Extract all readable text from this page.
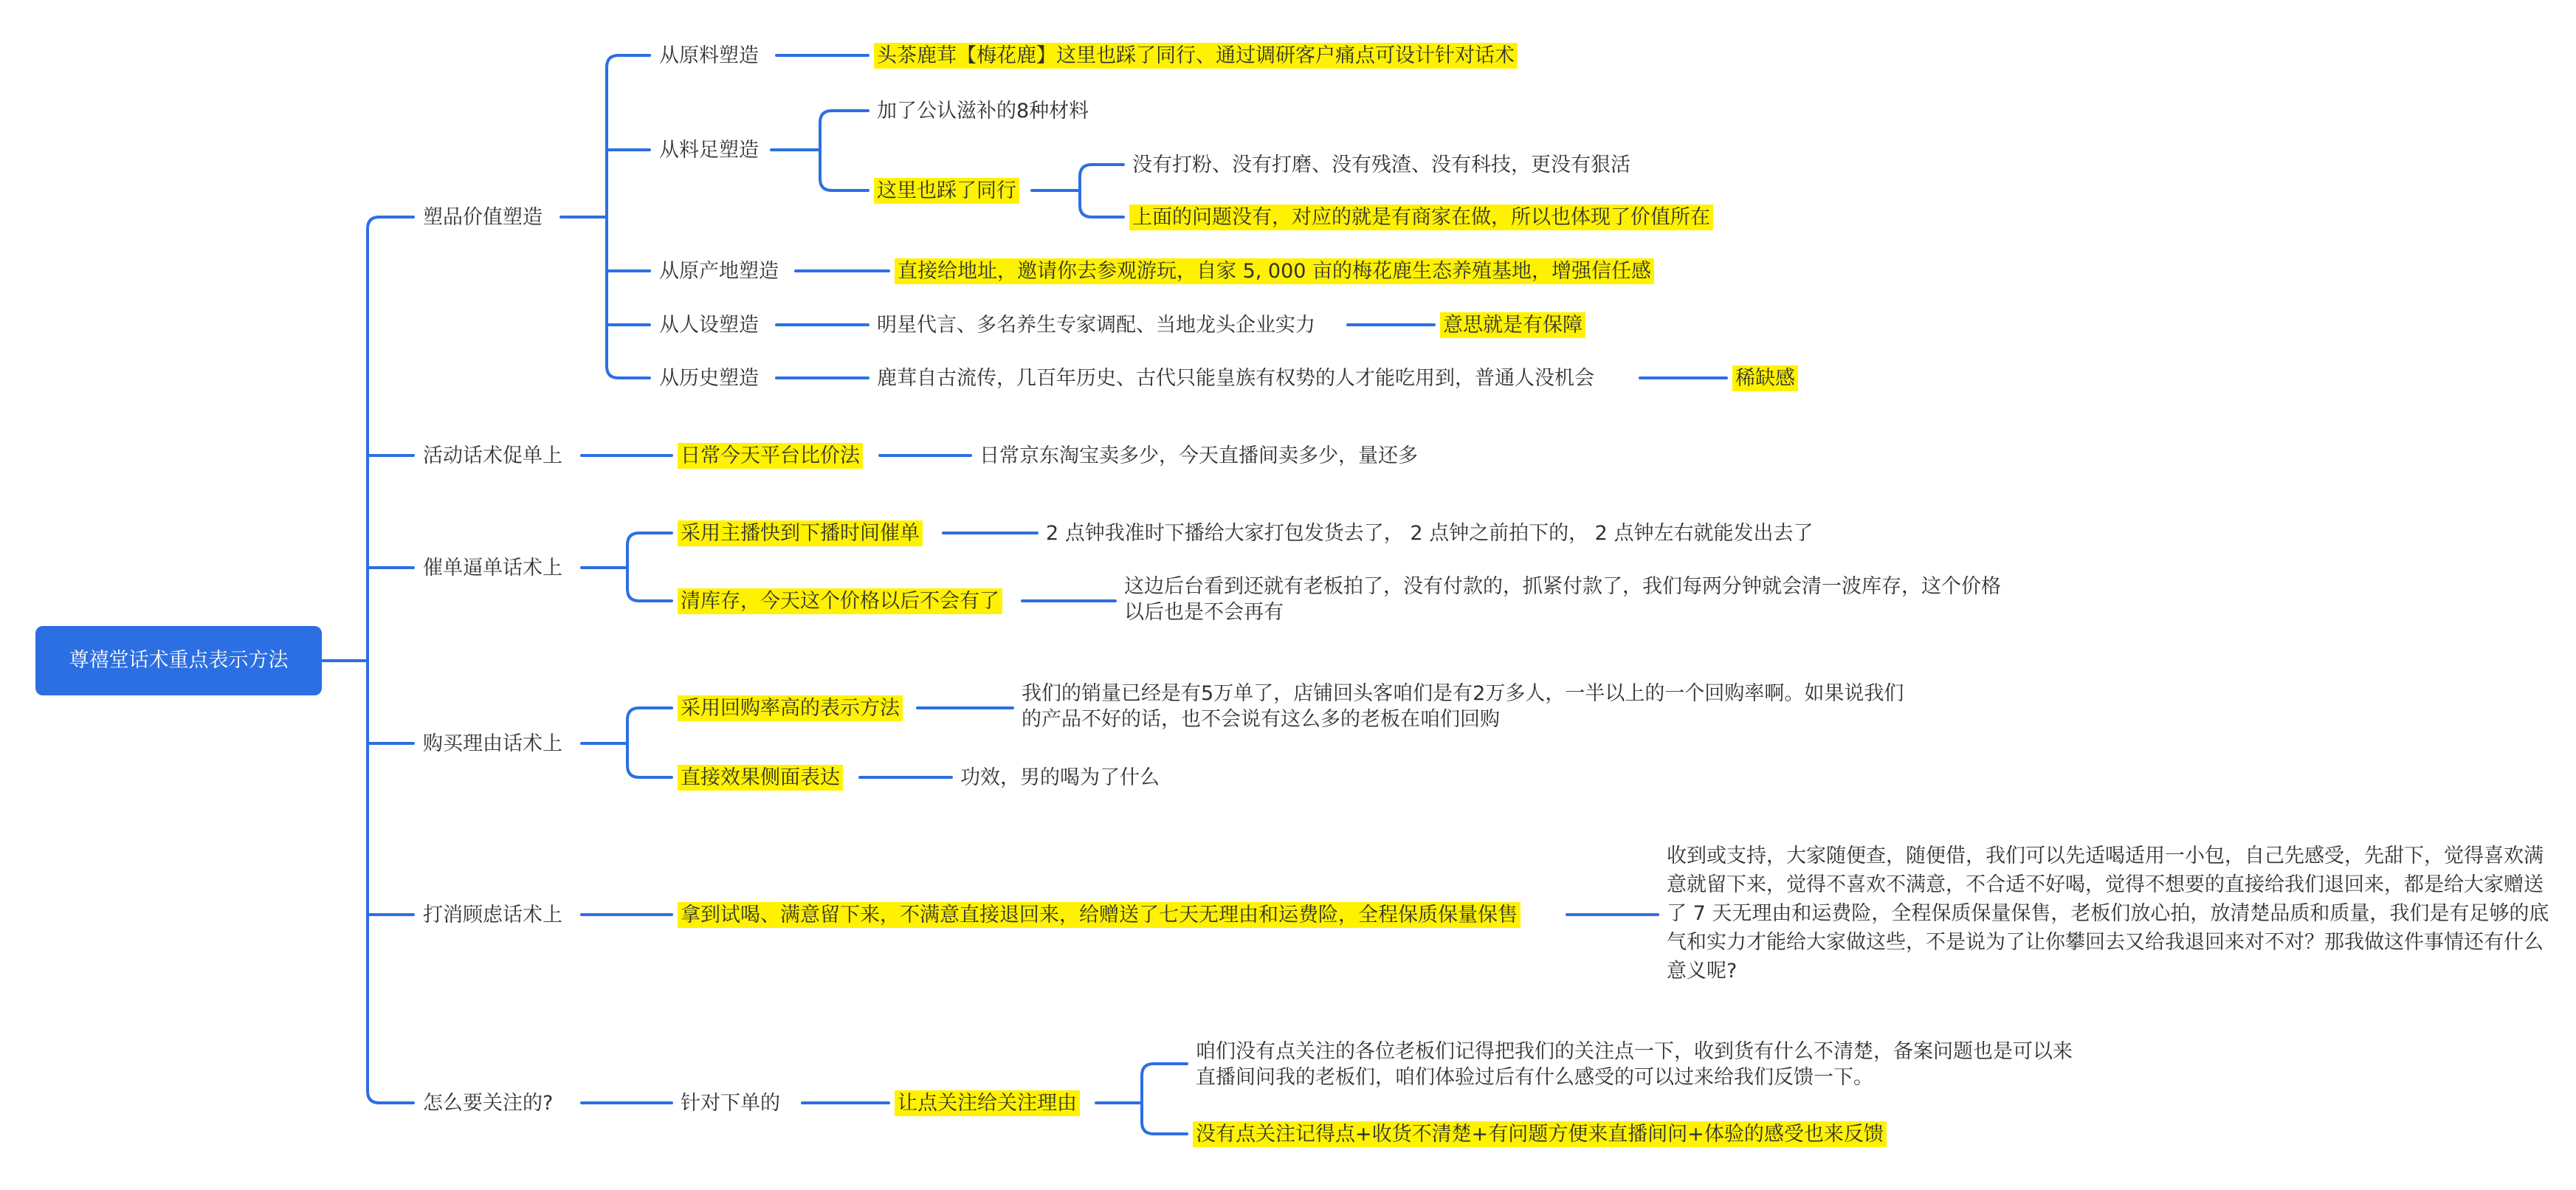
尊禧堂话术重点表示方法
塑品价值塑造
活动话术促单上
催单逼单话术上
购买理由话术上
打消顾虑话术上
怎么要关注的?
从原料塑造	头茶鹿茸【梅花鹿】这里也踩了同行、通过调研客户痛点可设计针对话术
从料足塑造
加了公认滋补的8种材料
这里也踩了同行
没有打粉、没有打磨、没有残渣、没有科技，更没有狠活
上面的问题没有，对应的就是有商家在做，所以也体现了价值所在
从原产地塑造	直接给地址，邀请你去参观游玩，自家 5, 000 亩的梅花鹿生态养殖基地，增强信任感
从人设塑造	明星代言、多名养生专家调配、当地龙头企业实力	意思就是有保障
从历史塑造	鹿茸自古流传，几百年历史、古代只能皇族有权势的人才能吃用到，普通人没机会	稀缺感
日常今天平台比价法	日常京东淘宝卖多少，今天直播间卖多少，量还多
采用主播快到下播时间催单	2 点钟我准时下播给大家打包发货去了， 2 点钟之前拍下的， 2 点钟左右就能发出去了
清库存，今天这个价格以后不会有了
这边后台看到还就有老板拍了，没有付款的，抓紧付款了，我们每两分钟就会清一波库存，这个价格以后也是不会再有
采用回购率高的表示方法
我们的销量已经是有5万单了，店铺回头客咱们是有2万多人，一半以上的一个回购率啊。如果说我们的产品不好的话，也不会说有这么多的老板在咱们回购
直接效果侧面表达	功效，男的喝为了什么
拿到试喝、满意留下来，不满意直接退回来，给赠送了七天无理由和运费险，全程保质保量保售
收到或支持，大家随便查，随便借，我们可以先适喝适用一小包，自己先感受，先甜下，觉得喜欢满意就留下来，觉得不喜欢不满意，不合适不好喝，觉得不想要的直接给我们退回来，都是给大家赠送了 7 天无理由和运费险，全程保质保量保售，老板们放心拍，放清楚品质和质量，我们是有足够的底气和实力才能给大家做这些，不是说为了让你攀回去又给我退回来对不对？那我做这件事情还有什么意义呢?
针对下单的	让点关注给关注理由
咱们没有点关注的各位老板们记得把我们的关注点一下，收到货有什么不清楚，备案问题也是可以来直播间问我的老板们，咱们体验过后有什么感受的可以过来给我们反馈一下。
没有点关注记得点+收货不清楚+有问题方便来直播间问+体验的感受也来反馈
